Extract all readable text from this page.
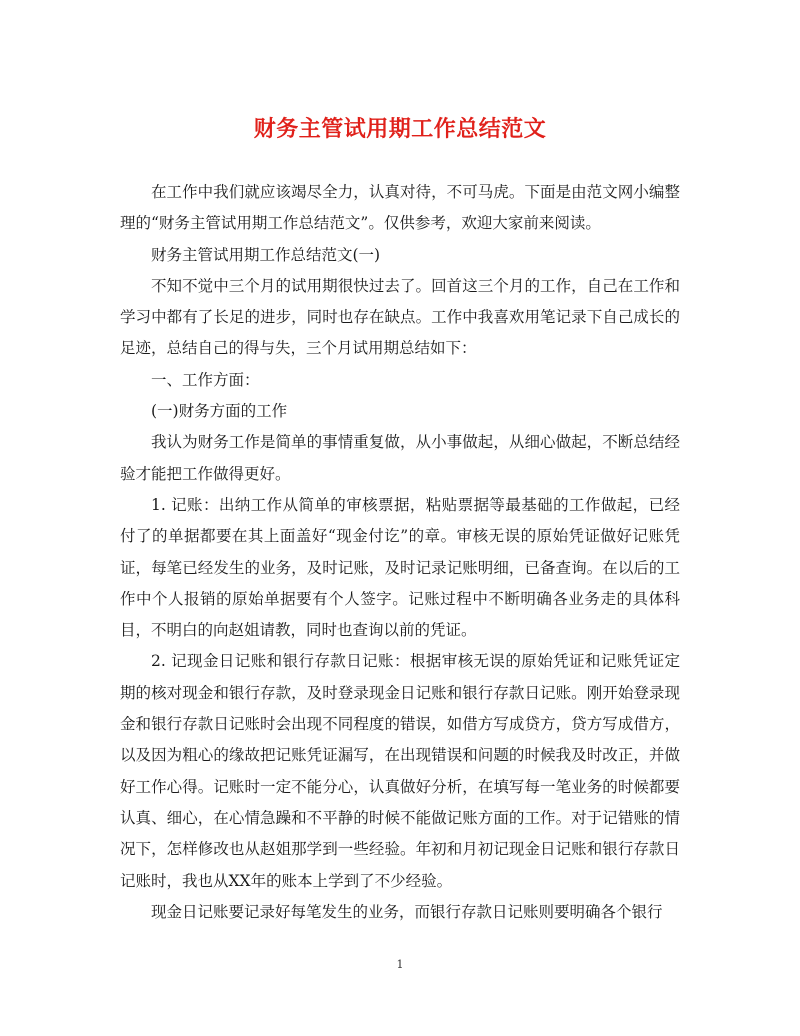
财务主管试用期工作总结范文

在工作中我们就应该竭尽全力，认真对待，不可马虎。下面是由范文网小编整理的“财务主管试用期工作总结范文”。仅供参考，欢迎大家前来阅读。

财务主管试用期工作总结范文(一)

不知不觉中三个月的试用期很快过去了。回首这三个月的工作，自己在工作和学习中都有了长足的进步，同时也存在缺点。工作中我喜欢用笔记录下自己成长的足迹，总结自己的得与失，三个月试用期总结如下：

一、工作方面：

(一)财务方面的工作

我认为财务工作是简单的事情重复做，从小事做起，从细心做起，不断总结经验才能把工作做得更好。

1. 记账：出纳工作从简单的审核票据，粘贴票据等最基础的工作做起，已经付了的单据都要在其上面盖好“现金付讫”的章。审核无误的原始凭证做好记账凭证，每笔已经发生的业务，及时记账，及时记录记账明细，已备查询。在以后的工作中个人报销的原始单据要有个人签字。记账过程中不断明确各业务走的具体科目，不明白的向赵姐请教，同时也查询以前的凭证。

2. 记现金日记账和银行存款日记账：根据审核无误的原始凭证和记账凭证定期的核对现金和银行存款，及时登录现金日记账和银行存款日记账。刚开始登录现金和银行存款日记账时会出现不同程度的错误，如借方写成贷方，贷方写成借方，以及因为粗心的缘故把记账凭证漏写，在出现错误和问题的时候我及时改正，并做好工作心得。记账时一定不能分心，认真做好分析，在填写每一笔业务的时候都要认真、细心，在心情急躁和不平静的时候不能做记账方面的工作。对于记错账的情况下，怎样修改也从赵姐那学到一些经验。年初和月初记现金日记账和银行存款日记账时，我也从XX年的账本上学到了不少经验。

现金日记账要记录好每笔发生的业务，而银行存款日记账则要明确各个银行

1
